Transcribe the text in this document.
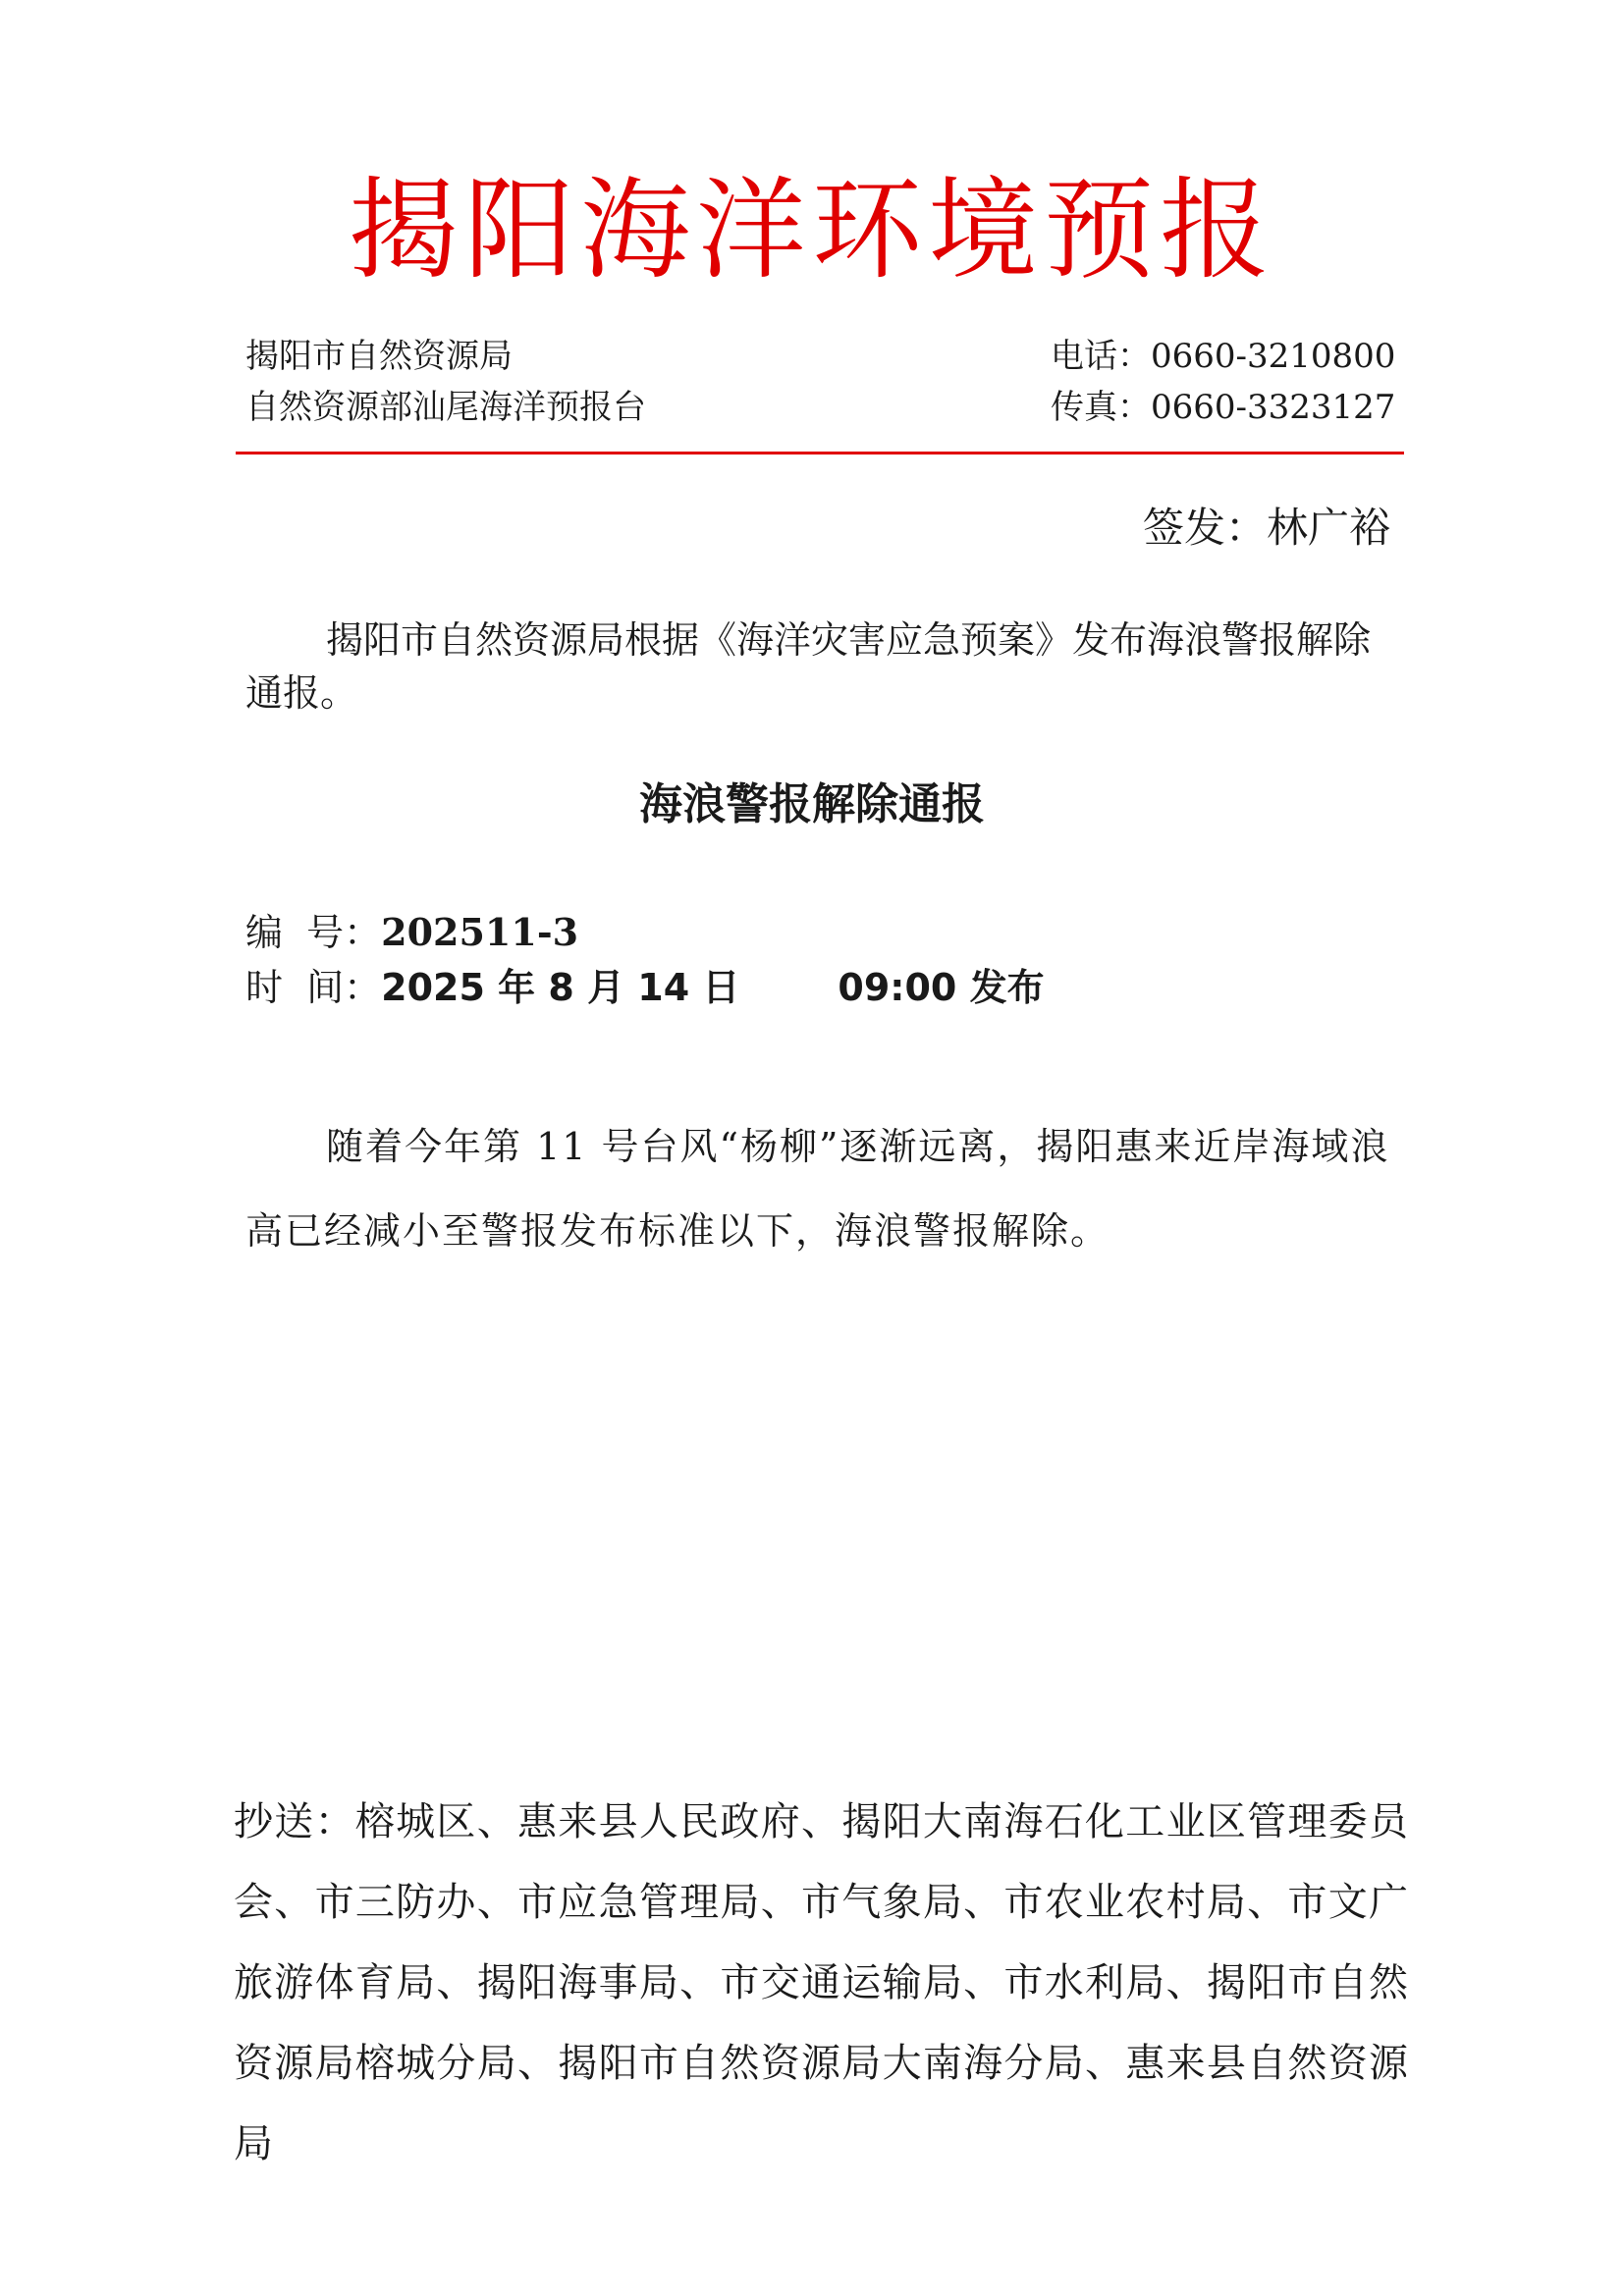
揭阳海洋环境预报
揭阳市自然资源局
自然资源部汕尾海洋预报台
电话：0660-3210800
传真：0660-3323127
签发：林广裕
揭阳市自然资源局根据《海洋灾害应急预案》发布海浪警报解除通报。
海浪警报解除通报
编  号：202511-3
时  间：2025 年 8 月 14 日	09:00 发布
随着今年第 11 号台风“杨柳”逐渐远离，揭阳惠来近岸海域浪高已经减小至警报发布标准以下，海浪警报解除。
抄送：榕城区、惠来县人民政府、揭阳大南海石化工业区管理委员会、市三防办、市应急管理局、市气象局、市农业农村局、市文广旅游体育局、揭阳海事局、市交通运输局、市水利局、揭阳市自然资源局榕城分局、揭阳市自然资源局大南海分局、惠来县自然资源局
